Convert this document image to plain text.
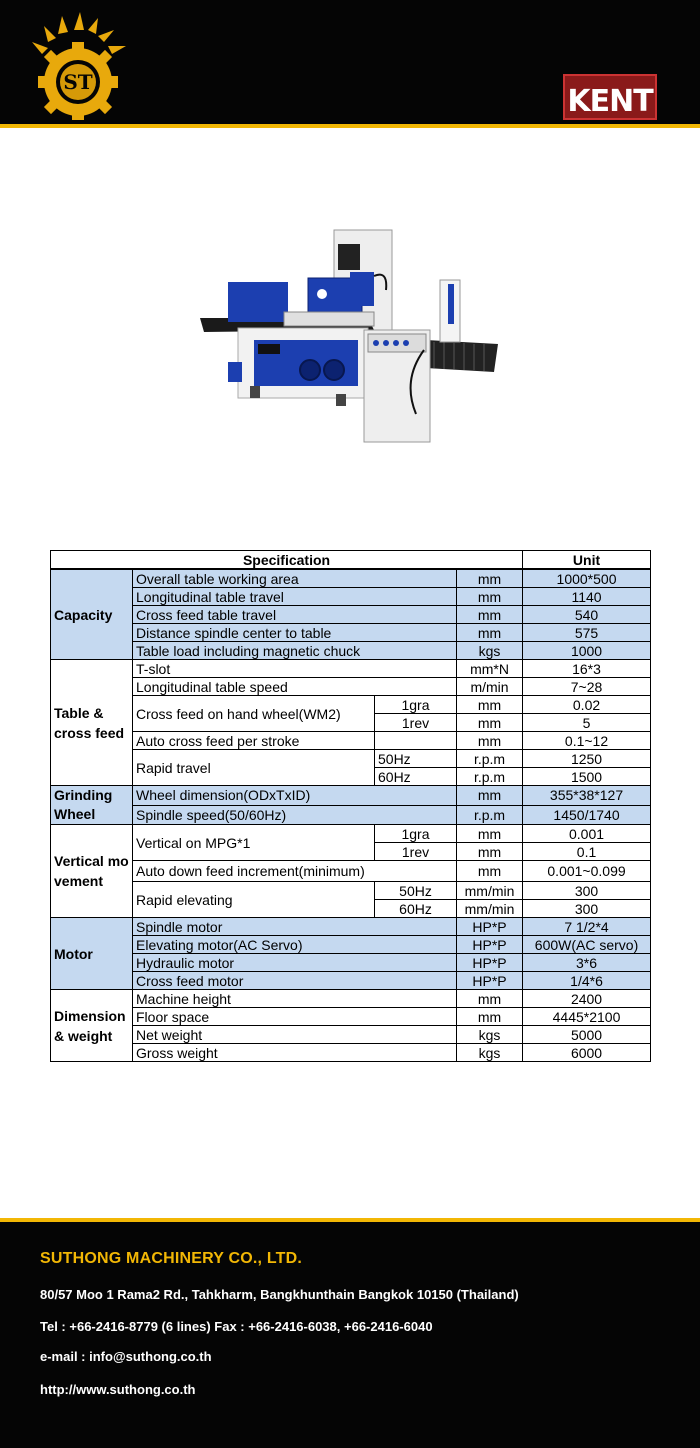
ST
KENT
Specification	Unit	
Capacity	Overall table working area		mm	1000*500
	Longitudinal table travel		mm	1140
	Cross feed table travel		mm	540
	Distance spindle center to table		mm	575
	Table load including magnetic chuck		kgs	1000
Table & cross feed	T-slot		mm*N	16*3
	Longitudinal table speed		m/min	7~28
	Cross feed on hand wheel(WM2)	1gra	mm	0.02
		1rev	mm	5
	Auto cross feed per stroke		mm	0.1~12
	Rapid travel	50Hz	r.p.m	1250
		60Hz	r.p.m	1500
Grinding Wheel	Wheel dimension(ODxTxID)		mm	355*38*127
	Spindle speed(50/60Hz)		r.p.m	1450/1740
Vertical movement	Vertical on MPG*1	1gra	mm	0.001
		1rev	mm	0.1
	Auto down feed increment(minimum)		mm	0.001~0.099
	Rapid elevating	50Hz	mm/min	300
		60Hz	mm/min	300
Motor	Spindle motor		HP*P	7 1/2*4
	Elevating motor(AC Servo)		HP*P	600W(AC servo)
	Hydraulic motor		HP*P	3*6
	Cross feed motor		HP*P	1/4*6
Dimension & weight	Machine height		mm	2400
	Floor space		mm	4445*2100
	Net weight		kgs	5000
	Gross weight		kgs	6000
SUTHONG MACHINERY CO., LTD.
80/57 Moo 1 Rama2 Rd., Tahkharm, Bangkhunthain Bangkok 10150 (Thailand)
Tel : +66-2416-8779 (6 lines) Fax : +66-2416-6038, +66-2416-6040
e-mail : info@suthong.co.th
http://www.suthong.co.th
